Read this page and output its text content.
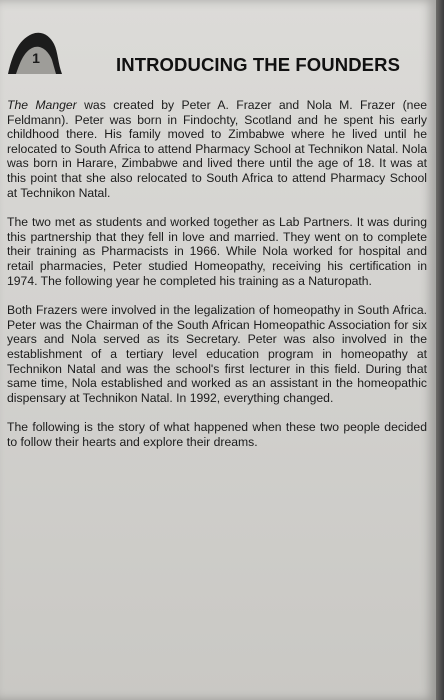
1	INTRODUCING THE FOUNDERS

The Manger was created by Peter A. Frazer and Nola M. Frazer (nee Feldmann). Peter was born in Findochty, Scotland and he spent his early childhood there. His family moved to Zimbabwe where he lived until he relocated to South Africa to attend Pharmacy School at Technikon Natal. Nola was born in Harare, Zimbabwe and lived there until the age of 18. It was at this point that she also relocated to South Africa to attend Pharmacy School at Technikon Natal.

The two met as students and worked together as Lab Partners. It was during this partnership that they fell in love and married. They went on to complete their training as Pharmacists in 1966. While Nola worked for hospital and retail pharmacies, Peter studied Homeopathy, receiving his certification in 1974. The following year he completed his training as a Naturopath.

Both Frazers were involved in the legalization of homeopathy in South Africa. Peter was the Chairman of the South African Homeopathic Association for six years and Nola served as its Secretary. Peter was also involved in the establishment of a tertiary level education program in homeopathy at Technikon Natal and was the school's first lecturer in this field. During that same time, Nola established and worked as an assistant in the homeopathic dispensary at Technikon Natal. In 1992, everything changed.

The following is the story of what happened when these two people decided to follow their hearts and explore their dreams.
